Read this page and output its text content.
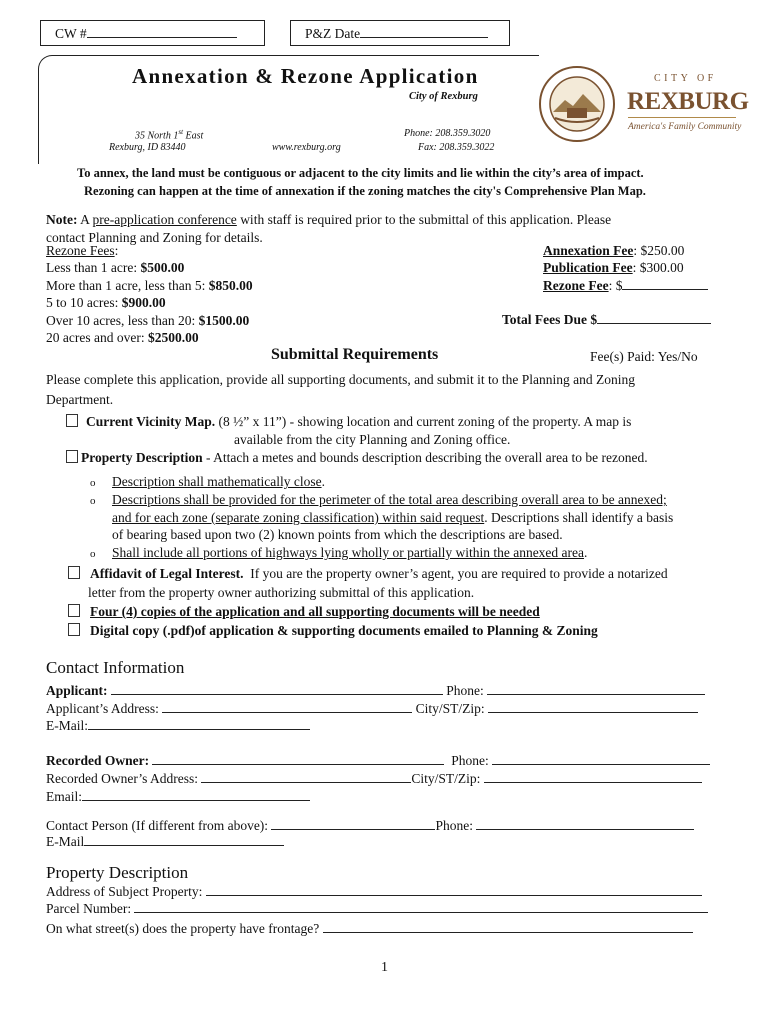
CW #	P&Z Date
Annexation & Rezone Application
City of Rexburg
35 North 1st East
Rexburg, ID 83440	www.rexburg.org
Phone: 208.359.3020
Fax: 208.359.3022
CITY OF
REXBURG
America's Family Community
To annex, the land must be contiguous or adjacent to the city limits and lie within the city’s area of impact.
Rezoning can happen at the time of annexation if the zoning matches the city's Comprehensive Plan Map.
Note: A pre-application conference with staff is required prior to the submittal of this application. Please
contact Planning and Zoning for details.
Rezone Fees:
Less than 1 acre: $500.00
More than 1 acre, less than 5: $850.00
5 to 10 acres: $900.00
Over 10 acres, less than 20: $1500.00
20 acres and over: $2500.00
Annexation Fee: $250.00
Publication Fee: $300.00
Rezone Fee: $
Total Fees Due $
Submittal Requirements	Fee(s) Paid: Yes/No
Please complete this application, provide all supporting documents, and submit it to the Planning and Zoning
Department.
Current Vicinity Map. (8 ½” x 11”) - showing location and current zoning of the property. A map is
available from the city Planning and Zoning office.
Property Description - Attach a metes and bounds description describing the overall area to be rezoned.
o Description shall mathematically close.
o Descriptions shall be provided for the perimeter of the total area describing overall area to be annexed;
and for each zone (separate zoning classification) within said request. Descriptions shall identify a basis
of bearing based upon two (2) known points from which the descriptions are based.
o Shall include all portions of highways lying wholly or partially within the annexed area.
Affidavit of Legal Interest. If you are the property owner’s agent, you are required to provide a notarized
letter from the property owner authorizing submittal of this application.
Four (4) copies of the application and all supporting documents will be needed
Digital copy (.pdf)of application & supporting documents emailed to Planning & Zoning
Contact Information
Applicant:	Phone:
Applicant’s Address:	City/ST/Zip:
E-Mail:
Recorded Owner:	Phone:
Recorded Owner’s Address:	City/ST/Zip:
Email:
Contact Person (If different from above):	Phone:
E-Mail
Property Description
Address of Subject Property:
Parcel Number:
On what street(s) does the property have frontage?
1
